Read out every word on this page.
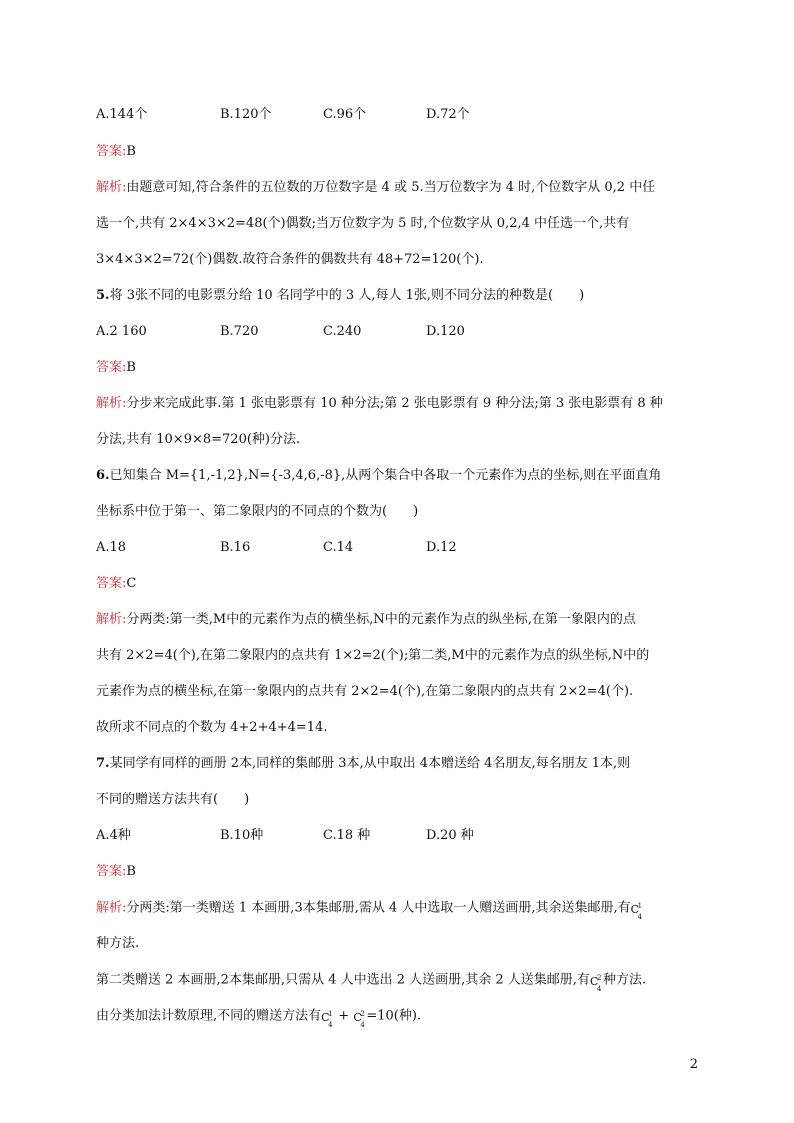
A.144个	B.120个	C.96个	D.72个
答案:B
解析:由题意可知,符合条件的五位数的万位数字是 4 或 5.当万位数字为 4 时,个位数字从 0,2 中任
选一个,共有 2×4×3×2=48(个)偶数;当万位数字为 5 时,个位数字从 0,2,4 中任选一个,共有
3×4×3×2=72(个)偶数.故符合条件的偶数共有 48+72=120(个).
5.将 3张不同的电影票分给 10 名同学中的 3 人,每人 1张,则不同分法的种数是(　　)
A.2 160	B.720	C.240	D.120
答案:B
解析:分步来完成此事.第 1 张电影票有 10 种分法;第 2 张电影票有 9 种分法;第 3 张电影票有 8 种
分法,共有 10×9×8=720(种)分法.
6.已知集合 M={1,-1,2},N={-3,4,6,-8},从两个集合中各取一个元素作为点的坐标,则在平面直角
坐标系中位于第一、第二象限内的不同点的个数为(　　)
A.18	B.16	C.14	D.12
答案:C
解析:分两类:第一类,M中的元素作为点的横坐标,N中的元素作为点的纵坐标,在第一象限内的点
共有 2×2=4(个),在第二象限内的点共有 1×2=2(个);第二类,M中的元素作为点的纵坐标,N中的
元素作为点的横坐标,在第一象限内的点共有 2×2=4(个),在第二象限内的点共有 2×2=4(个).
故所求不同点的个数为 4+2+4+4=14.
7.某同学有同样的画册 2本,同样的集邮册 3本,从中取出 4本赠送给 4名朋友,每名朋友 1本,则
不同的赠送方法共有(　　)
A.4种	B.10种	C.18 种	D.20 种
答案:B
解析:分两类:第一类赠送 1 本画册,3本集邮册,需从 4 人中选取一人赠送画册,其余送集邮册,有 C
1
4
种方法.
第二类赠送 2 本画册,2本集邮册,只需从 4 人中选出 2 人送画册,其余 2 人送集邮册,有 C
2
4
种方法.
由分类加法计数原理,不同的赠送方法有 C
1
4
+ C
2
4
=10(种).
2
